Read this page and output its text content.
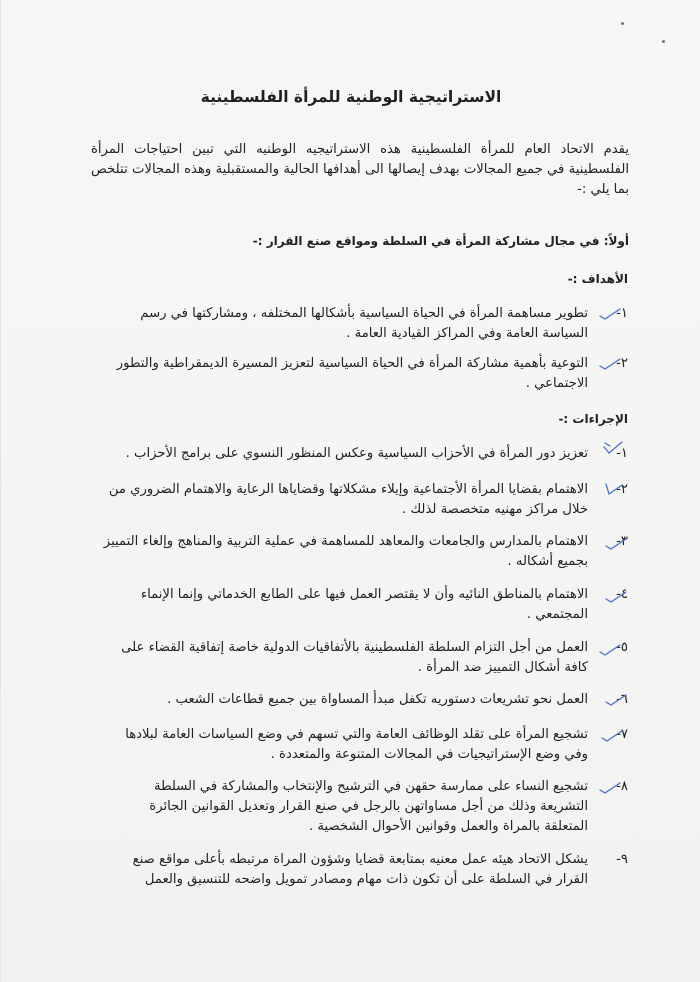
الاستراتيجية الوطنية للمرأة الفلسطينية
يقدم الاتحاد العام للمرأة الفلسطينية هذه الاستراتيجيه الوطنيه التي تبين احتياجات المرأة الفلسطينية في جميع المجالات بهدف إيصالها الى أهدافها الحالية والمستقبلية وهذه المجالات تتلخص بما يلي :-
أولاً: في مجال مشاركة المرأة في السلطة ومواقع صنع القرار :-
الأهداف :-
١-
تطوير مساهمة المرأة في الحياة السياسية بأشكالها المختلفه ، ومشاركتها في رسم السياسة العامة وفي المراكز القيادية العامة .
٢-
التوعية بأهمية مشاركة المرأة في الحياة السياسية لتعزيز المسيرة الديمقراطية والتطور الاجتماعي .
الإجراءات :-
١-
تعزيز دور المرأة في الأحزاب السياسية وعكس المنظور النسوي على برامج الأحزاب .
٢-
الاهتمام بقضايا المرأة الأجتماعية وإيلاء مشكلاتها وقضاياها الرعاية والاهتمام الضروري من خلال مراكز مهنيه متخصصة لذلك .
٣-
الاهتمام بالمدارس والجامعات والمعاهد للمساهمة في عملية التربية والمناهج وإلغاء التمييز بجميع أشكاله .
٤-
الاهتمام بالمناطق النائيه وأن لا يقتصر العمل فيها على الطابع الخدماتي وإنما الإنماء المجتمعي .
٥-
العمل من أجل التزام السلطة الفلسطينية بالأتفاقيات الدولية خاصة إتفاقية القضاء على كافة أشكال التمييز ضد المرأة .
٦-
العمل نحو تشريعات دستوريه تكفل مبدأ المساواة بين جميع قطاعات الشعب .
٧-
تشجيع المرأة على تقلد الوظائف العامة والتي تسهم في وضع السياسات العامة لبلادها وفي وضع الإستراتيجيات في المجالات المتنوعة والمتعددة .
٨-
تشجيع النساء على ممارسة حقهن في الترشيح والإنتخاب والمشاركة في السلطة التشريعة وذلك من أجل مساواتهن بالرجل في صنع القرار وتعديل القوانين الجائرة المتعلقة بالمراة والعمل وقوانين الأحوال الشخصية .
٩-
يشكل الاتحاد هيئه عمل معنيه بمتابعة قضايا وشؤون المراة مرتبطه بأعلى مواقع صنع القرار في السلطة على أن تكون ذات مهام ومصادر تمويل واضحه للتنسيق والعمل
